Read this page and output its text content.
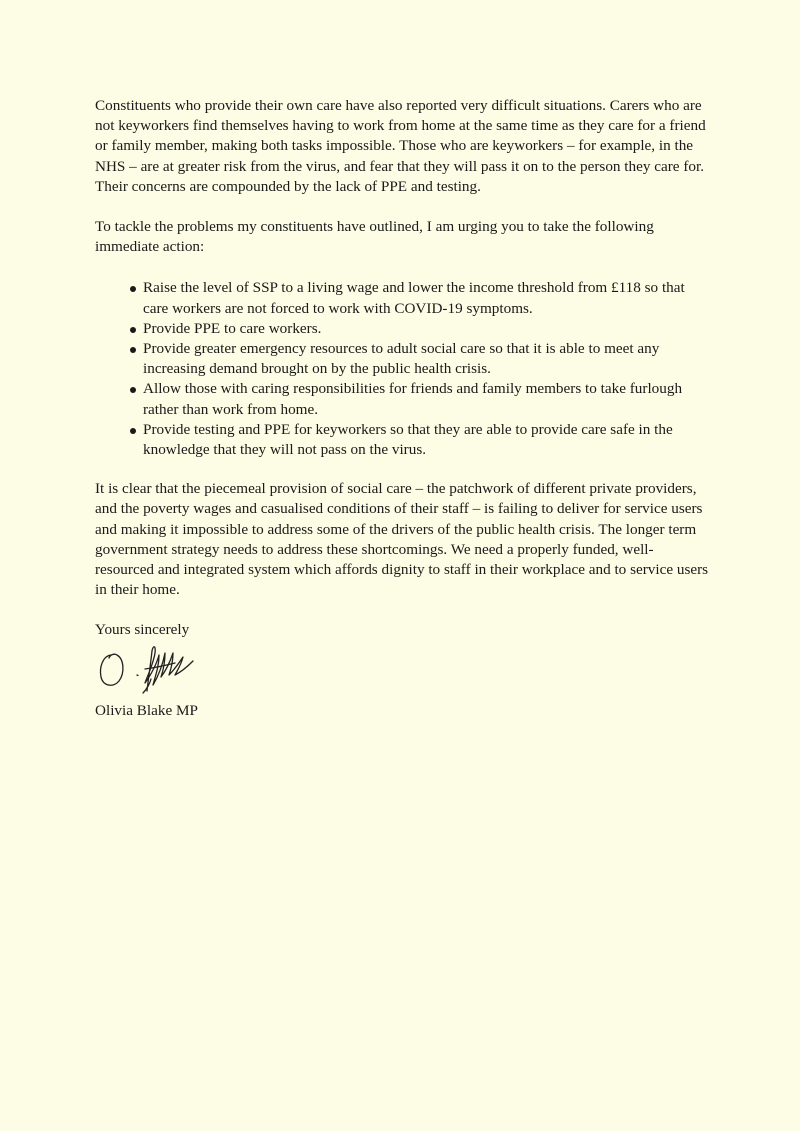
Constituents who provide their own care have also reported very difficult situations. Carers who are not keyworkers find themselves having to work from home at the same time as they care for a friend or family member, making both tasks impossible. Those who are keyworkers – for example, in the NHS – are at greater risk from the virus, and fear that they will pass it on to the person they care for. Their concerns are compounded by the lack of PPE and testing.

To tackle the problems my constituents have outlined, I am urging you to take the following immediate action:

Raise the level of SSP to a living wage and lower the income threshold from £118 so that care workers are not forced to work with COVID-19 symptoms.
Provide PPE to care workers.
Provide greater emergency resources to adult social care so that it is able to meet any increasing demand brought on by the public health crisis.
Allow those with caring responsibilities for friends and family members to take furlough rather than work from home.
Provide testing and PPE for keyworkers so that they are able to provide care safe in the knowledge that they will not pass on the virus.

It is clear that the piecemeal provision of social care – the patchwork of different private providers, and the poverty wages and casualised conditions of their staff – is failing to deliver for service users and making it impossible to address some of the drivers of the public health crisis. The longer term government strategy needs to address these shortcomings. We need a properly funded, well-resourced and integrated system which affords dignity to staff in their workplace and to service users in their home.

Yours sincerely

Olivia Blake MP
